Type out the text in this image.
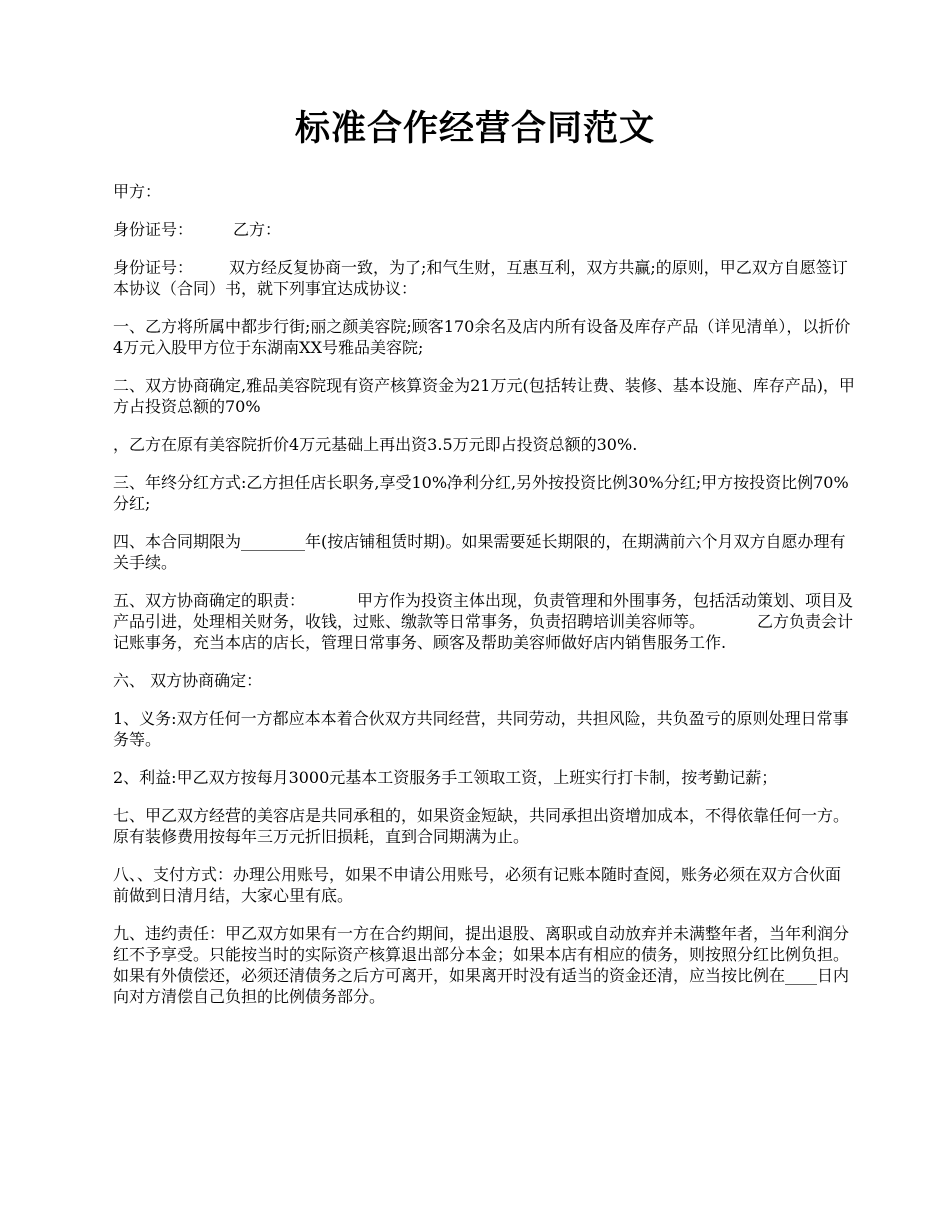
标准合作经营合同范文

甲方：

身份证号：	乙方：

身份证号： 双方经反复协商一致，为了;和气生财，互惠互利，双方共赢;的原则，甲乙双方自愿签订本协议（合同）书，就下列事宜达成协议：

一、乙方将所属中都步行街;丽之颜美容院;顾客170余名及店内所有设备及库存产品（详见清单），以折价4万元入股甲方位于东湖南XX号雅品美容院;

二、双方协商确定,雅品美容院现有资产核算资金为21万元(包括转让费、装修、基本设施、库存产品)，甲方占投资总额的70%

，乙方在原有美容院折价4万元基础上再出资3.5万元即占投资总额的30%.

三、年终分红方式:乙方担任店长职务,享受10%净利分红,另外按投资比例30%分红;甲方按投资比例70%分红;

四、本合同期限为________年(按店铺租赁时期)。如果需要延长期限的，在期满前六个月双方自愿办理有关手续。

五、双方协商确定的职责：	甲方作为投资主体出现，负责管理和外围事务，包括活动策划、项目及产品引进，处理相关财务，收钱，过账、缴款等日常事务，负责招聘培训美容师等。	乙方负责会计记账事务，充当本店的店长，管理日常事务、顾客及帮助美容师做好店内销售服务工作.

六、 双方协商确定：

1、义务:双方任何一方都应本本着合伙双方共同经营，共同劳动，共担风险，共负盈亏的原则处理日常事务等。

2、利益:甲乙双方按每月3000元基本工资服务手工领取工资，上班实行打卡制，按考勤记薪；

七、甲乙双方经营的美容店是共同承租的，如果资金短缺，共同承担出资增加成本，不得依靠任何一方。原有装修费用按每年三万元折旧损耗，直到合同期满为止。

八、、支付方式：办理公用账号，如果不申请公用账号，必须有记账本随时查阅，账务必须在双方合伙面前做到日清月结，大家心里有底。

九、违约责任：甲乙双方如果有一方在合约期间，提出退股、离职或自动放弃并未满整年者，当年利润分红不予享受。只能按当时的实际资产核算退出部分本金；如果本店有相应的债务，则按照分红比例负担。如果有外债偿还，必须还清债务之后方可离开，如果离开时没有适当的资金还清，应当按比例在____日内向对方清偿自己负担的比例债务部分。
